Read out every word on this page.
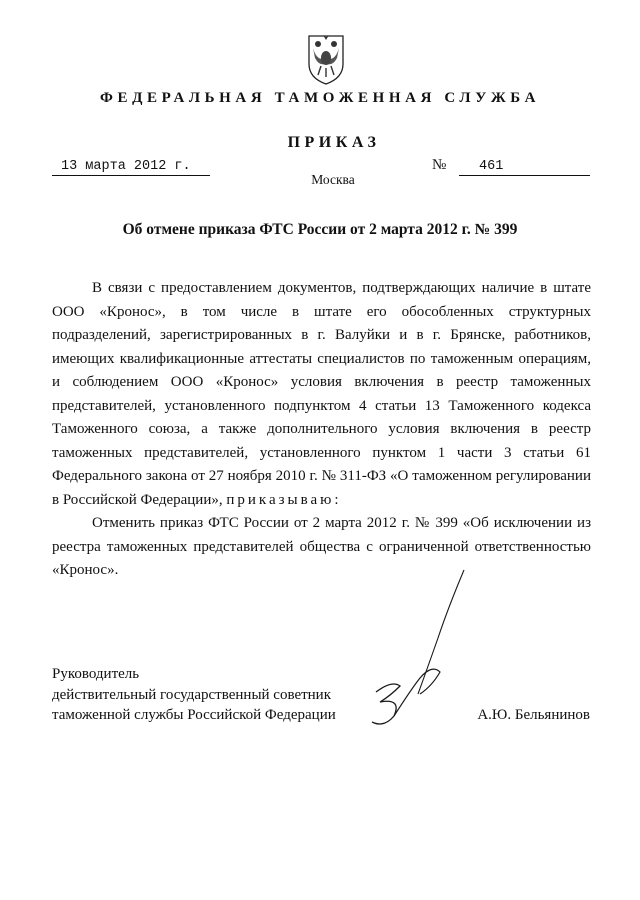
ФЕДЕРАЛЬНАЯ ТАМОЖЕННАЯ СЛУЖБА
ПРИКАЗ
13 марта 2012 г.	№	461
Москва
Об отмене приказа ФТС России от 2 марта 2012 г. № 399

В связи с предоставлением документов, подтверждающих наличие в штате ООО «Кронос», в том числе в штате его обособленных структурных подразделений, зарегистрированных в г. Валуйки и в г. Брянске, работников, имеющих квалификационные аттестаты специалистов по таможенным операциям, и соблюдением ООО «Кронос» условия включения в реестр таможенных представителей, установленного подпунктом 4 статьи 13 Таможенного кодекса Таможенного союза, а также дополнительного условия включения в реестр таможенных представителей, установленного пунктом 1 части 3 статьи 61 Федерального закона от 27 ноября 2010 г. № 311-ФЗ «О таможенном регулировании в Российской Федерации», приказываю:

Отменить приказ ФТС России от 2 марта 2012 г. № 399 «Об исключении из реестра таможенных представителей общества с ограниченной ответственностью «Кронос».

Руководитель
действительный государственный советник
таможенной службы Российской Федерации	А.Ю. Бельянинов
